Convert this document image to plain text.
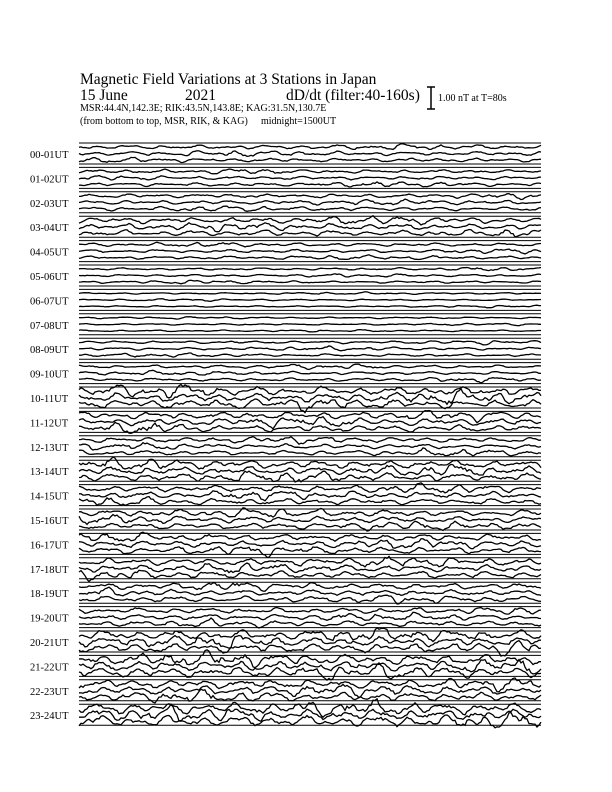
Magnetic Field Variations at 3 Stations in Japan
15 June	2021	dD/dt (filter:40-160s)
MSR:44.4N,142.3E; RIK:43.5N,143.8E; KAG:31.5N,130.7E
(from bottom to top, MSR, RIK, & KAG) midnight=1500UT
1.00 nT at T=80s
00-01UT
01-02UT
02-03UT
03-04UT
04-05UT
05-06UT
06-07UT
07-08UT
08-09UT
09-10UT
10-11UT
11-12UT
12-13UT
13-14UT
14-15UT
15-16UT
16-17UT
17-18UT
18-19UT
19-20UT
20-21UT
21-22UT
22-23UT
23-24UT
